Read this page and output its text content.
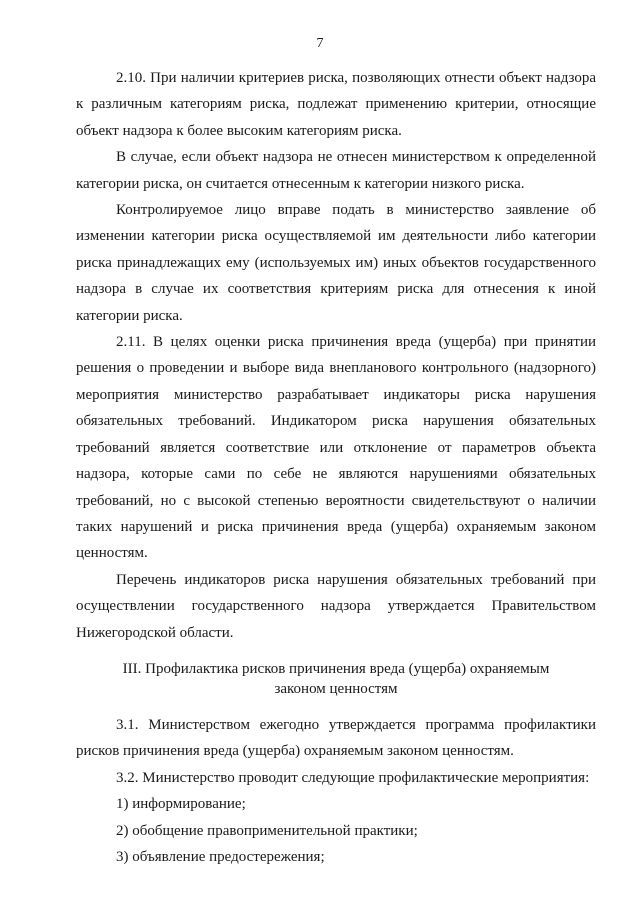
7

2.10. При наличии критериев риска, позволяющих отнести объект надзора к различным категориям риска, подлежат применению критерии, относящие объект надзора к более высоким категориям риска.

В случае, если объект надзора не отнесен министерством к определенной категории риска, он считается отнесенным к категории низкого риска.

Контролируемое лицо вправе подать в министерство заявление об изменении категории риска осуществляемой им деятельности либо категории риска принадлежащих ему (используемых им) иных объектов государственного надзора в случае их соответствия критериям риска для отнесения к иной категории риска.

2.11. В целях оценки риска причинения вреда (ущерба) при принятии решения о проведении и выборе вида внепланового контрольного (надзорного) мероприятия министерство разрабатывает индикаторы риска нарушения обязательных требований. Индикатором риска нарушения обязательных требований является соответствие или отклонение от параметров объекта надзора, которые сами по себе не являются нарушениями обязательных требований, но с высокой степенью вероятности свидетельствуют о наличии таких нарушений и риска причинения вреда (ущерба) охраняемым законом ценностям.

Перечень индикаторов риска нарушения обязательных требований при осуществлении государственного надзора утверждается Правительством Нижегородской области.

III. Профилактика рисков причинения вреда (ущерба) охраняемым
законом ценностям

3.1. Министерством ежегодно утверждается программа профилактики рисков причинения вреда (ущерба) охраняемым законом ценностям.

3.2. Министерство проводит следующие профилактические мероприятия:

1) информирование;

2) обобщение правоприменительной практики;

3) объявление предостережения;
